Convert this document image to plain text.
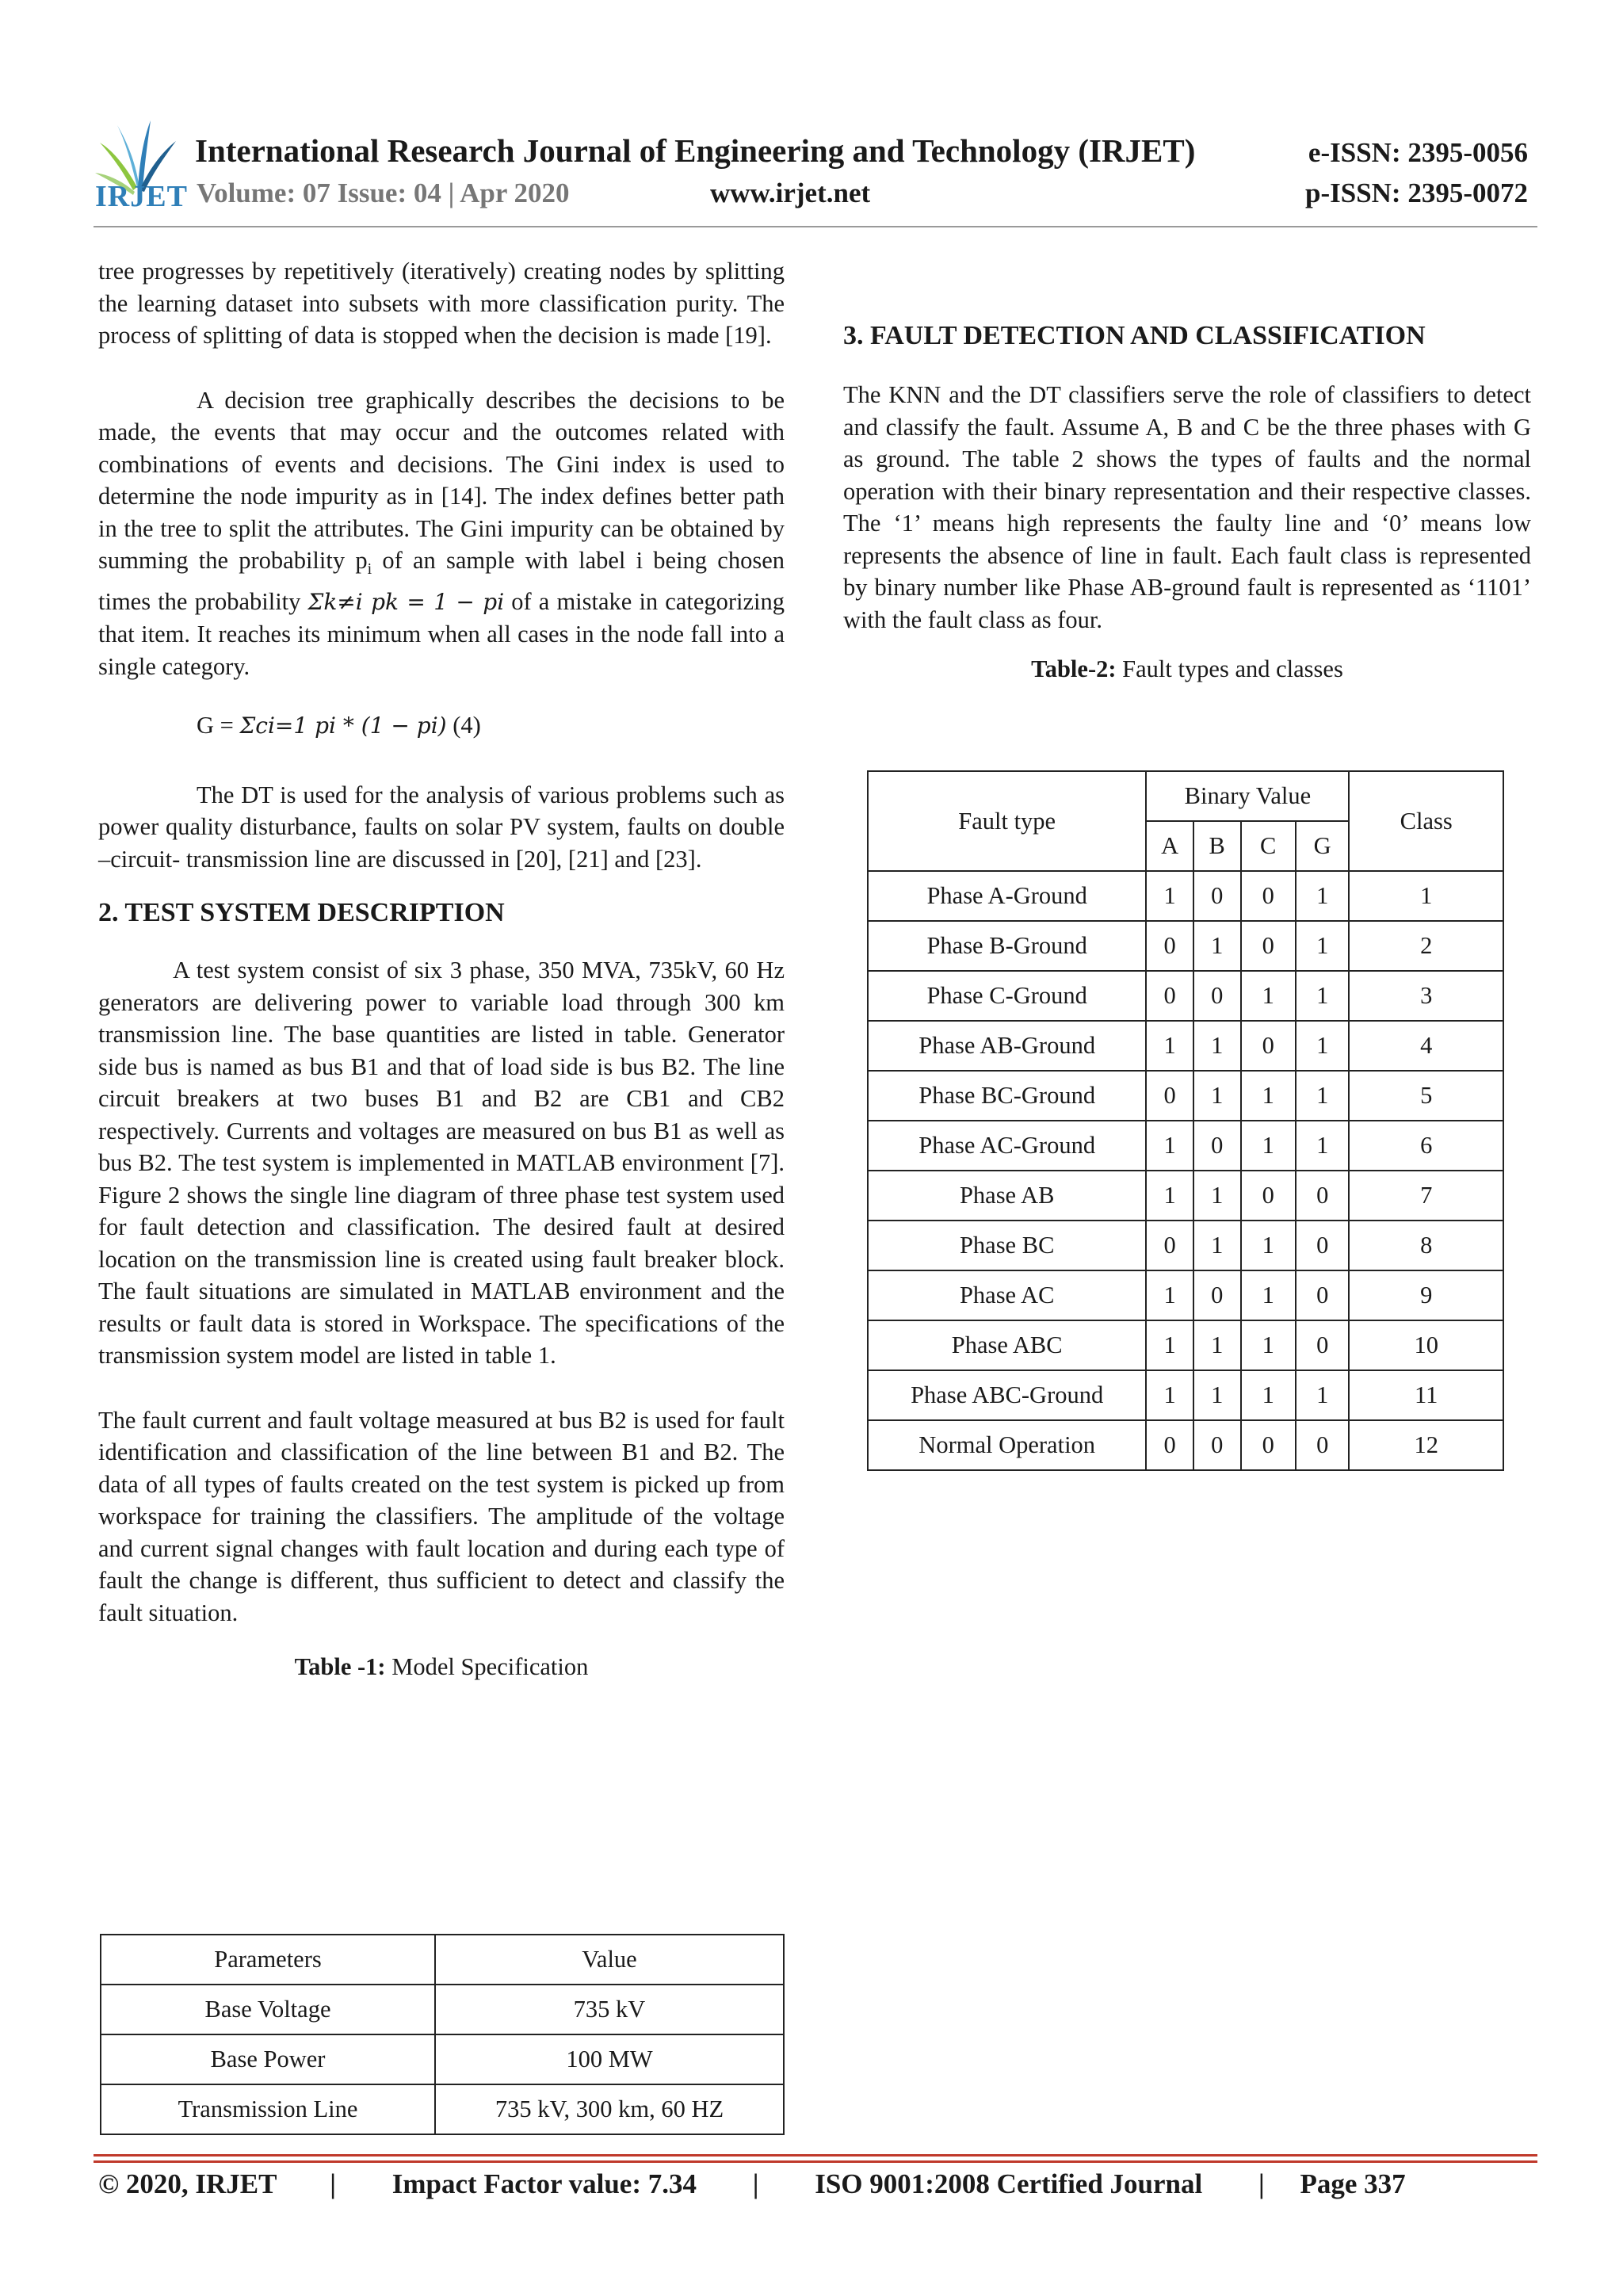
IRJET
International Research Journal of Engineering and Technology (IRJET)	e-ISSN: 2395-0056
Volume: 07 Issue: 04 | Apr 2020	www.irjet.net	p-ISSN: 2395-0072

tree progresses by repetitively (iteratively) creating nodes by splitting the learning dataset into subsets with more classification purity. The process of splitting of data is stopped when the decision is made [19].

A decision tree graphically describes the decisions to be made, the events that may occur and the outcomes related with combinations of events and decisions. The Gini index is used to determine the node impurity as in [14]. The index defines better path in the tree to split the attributes. The Gini impurity can be obtained by summing the probability $p_i$ of an sample with label i being chosen times the probability Σk≠i pk = 1 − pi of a mistake in categorizing that item. It reaches its minimum when all cases in the node fall into a single category.

G = Σci=1 pi * (1 − pi) (4)

The DT is used for the analysis of various problems such as power quality disturbance, faults on solar PV system, faults on double –circuit- transmission line are discussed in [20], [21] and [23].

2. TEST SYSTEM DESCRIPTION

A test system consist of six 3 phase, 350 MVA, 735kV, 60 Hz generators are delivering power to variable load through 300 km transmission line. The base quantities are listed in table. Generator side bus is named as bus B1 and that of load side is bus B2. The line circuit breakers at two buses B1 and B2 are CB1 and CB2 respectively. Currents and voltages are measured on bus B1 as well as bus B2. The test system is implemented in MATLAB environment [7]. Figure 2 shows the single line diagram of three phase test system used for fault detection and classification. The desired fault at desired location on the transmission line is created using fault breaker block. The fault situations are simulated in MATLAB environment and the results or fault data is stored in Workspace. The specifications of the transmission system model are listed in table 1.

The fault current and fault voltage measured at bus B2 is used for fault identification and classification of the line between B1 and B2. The data of all types of faults created on the test system is picked up from workspace for training the classifiers. The amplitude of the voltage and current signal changes with fault location and during each type of fault the change is different, thus sufficient to detect and classify the fault situation.

Table -1: Model Specification

Parameters	Value
Base Voltage	735 kV
Base Power	100 MW
Transmission Line	735 kV, 300 km, 60 HZ
3. FAULT DETECTION AND CLASSIFICATION

The KNN and the DT classifiers serve the role of classifiers to detect and classify the fault. Assume A, B and C be the three phases with G as ground. The table 2 shows the types of faults and the normal operation with their binary representation and their respective classes. The ‘1’ means high represents the faulty line and ‘0’ means low represents the absence of line in fault. Each fault class is represented by binary number like Phase AB-ground fault is represented as ‘1101’ with the fault class as four.

Table-2: Fault types and classes

Fault type	Binary Value				Class
	A	B	C	G	
Phase A-Ground	1	0	0	1	1
Phase B-Ground	0	1	0	1	2
Phase C-Ground	0	0	1	1	3
Phase AB-Ground	1	1	0	1	4
Phase BC-Ground	0	1	1	1	5
Phase AC-Ground	1	0	1	1	6
Phase AB	1	1	0	0	7
Phase BC	0	1	1	0	8
Phase AC	1	0	1	0	9
Phase ABC	1	1	1	0	10
Phase ABC-Ground	1	1	1	1	11
Normal Operation	0	0	0	0	12
© 2020, IRJET | Impact Factor value: 7.34 | ISO 9001:2008 Certified Journal | Page 337
